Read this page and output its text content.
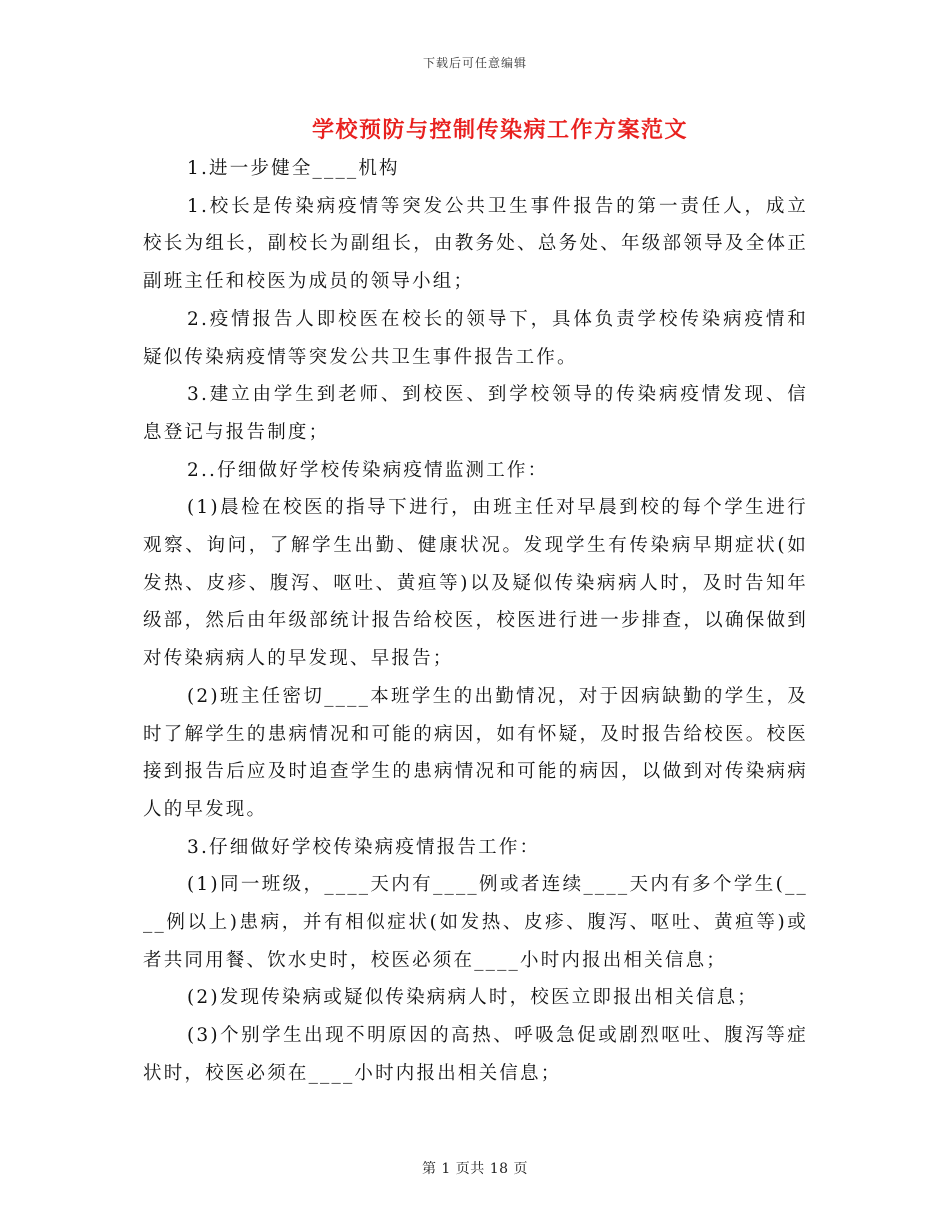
下载后可任意编辑
学校预防与控制传染病工作方案范文

1.进一步健全____机构

1.校长是传染病疫情等突发公共卫生事件报告的第一责任人，成立校长为组长，副校长为副组长，由教务处、总务处、年级部领导及全体正副班主任和校医为成员的领导小组；

2.疫情报告人即校医在校长的领导下，具体负责学校传染病疫情和疑似传染病疫情等突发公共卫生事件报告工作。

3.建立由学生到老师、到校医、到学校领导的传染病疫情发现、信息登记与报告制度；

2..仔细做好学校传染病疫情监测工作：

(1)晨检在校医的指导下进行，由班主任对早晨到校的每个学生进行观察、询问，了解学生出勤、健康状况。发现学生有传染病早期症状(如发热、皮疹、腹泻、呕吐、黄疸等)以及疑似传染病病人时，及时告知年级部，然后由年级部统计报告给校医，校医进行进一步排查，以确保做到对传染病病人的早发现、早报告；

(2)班主任密切____本班学生的出勤情况，对于因病缺勤的学生，及时了解学生的患病情况和可能的病因，如有怀疑，及时报告给校医。校医接到报告后应及时追查学生的患病情况和可能的病因，以做到对传染病病人的早发现。

3.仔细做好学校传染病疫情报告工作：

(1)同一班级，____天内有____例或者连续____天内有多个学生(____例以上)患病，并有相似症状(如发热、皮疹、腹泻、呕吐、黄疸等)或者共同用餐、饮水史时，校医必须在____小时内报出相关信息；

(2)发现传染病或疑似传染病病人时，校医立即报出相关信息；

(3)个别学生出现不明原因的高热、呼吸急促或剧烈呕吐、腹泻等症状时，校医必须在____小时内报出相关信息；

第 1 页共 18 页
